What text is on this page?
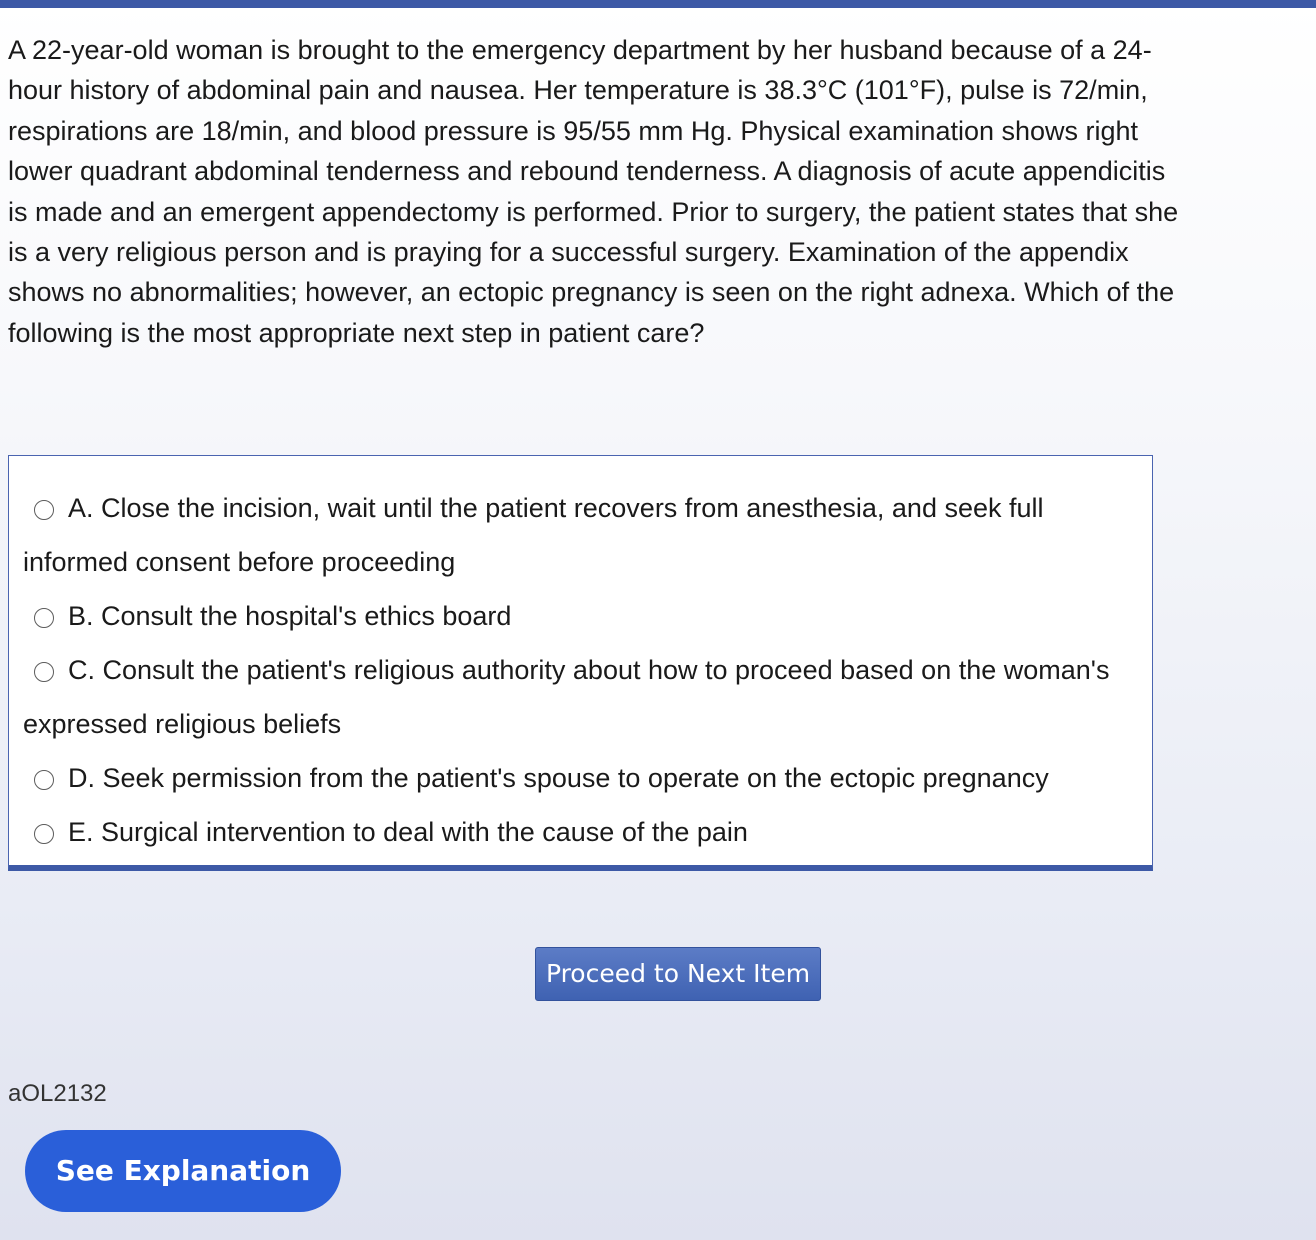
A 22-year-old woman is brought to the emergency department by her husband because of a 24-hour history of abdominal pain and nausea. Her temperature is 38.3°C (101°F), pulse is 72/min, respirations are 18/min, and blood pressure is 95/55 mm Hg. Physical examination shows right lower quadrant abdominal tenderness and rebound tenderness. A diagnosis of acute appendicitis is made and an emergent appendectomy is performed. Prior to surgery, the patient states that she is a very religious person and is praying for a successful surgery. Examination of the appendix shows no abnormalities; however, an ectopic pregnancy is seen on the right adnexa. Which of the following is the most appropriate next step in patient care?

A. Close the incision, wait until the patient recovers from anesthesia, and seek full informed consent before proceeding
B. Consult the hospital's ethics board
C. Consult the patient's religious authority about how to proceed based on the woman's expressed religious beliefs
D. Seek permission from the patient's spouse to operate on the ectopic pregnancy
E. Surgical intervention to deal with the cause of the pain
Proceed to Next Item
aOL2132
See Explanation
